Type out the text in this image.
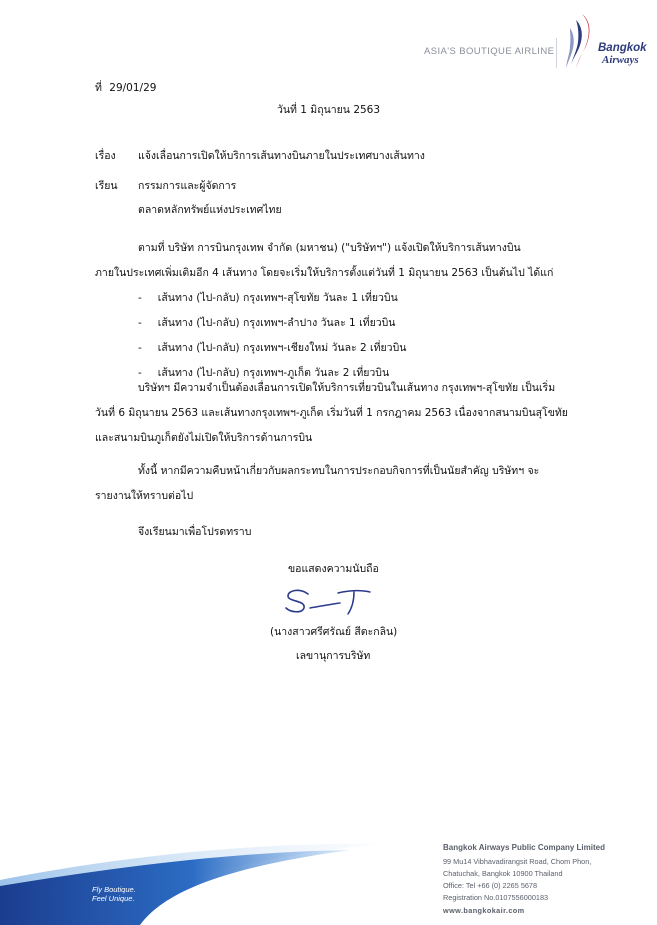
ASIA'S BOUTIQUE AIRLINE	Bangkok
Airways
ที่ 29/01/29
วันที่ 1 มิถุนายน 2563
เรื่อง แจ้งเลื่อนการเปิดให้บริการเส้นทางบินภายในประเทศบางเส้นทาง
เรียน กรรมการและผู้จัดการ
ตลาดหลักทรัพย์แห่งประเทศไทย
ตามที่ บริษัท การบินกรุงเทพ จำกัด (มหาชน) ("บริษัทฯ") แจ้งเปิดให้บริการเส้นทางบิน
ภายในประเทศเพิ่มเติมอีก 4 เส้นทาง โดยจะเริ่มให้บริการตั้งแต่วันที่ 1 มิถุนายน 2563 เป็นต้นไป ได้แก่
- เส้นทาง (ไป-กลับ) กรุงเทพฯ-สุโขทัย วันละ 1 เที่ยวบิน
- เส้นทาง (ไป-กลับ) กรุงเทพฯ-ลำปาง วันละ 1 เที่ยวบิน
- เส้นทาง (ไป-กลับ) กรุงเทพฯ-เชียงใหม่ วันละ 2 เที่ยวบิน
- เส้นทาง (ไป-กลับ) กรุงเทพฯ-ภูเก็ต วันละ 2 เที่ยวบิน
บริษัทฯ มีความจำเป็นต้องเลื่อนการเปิดให้บริการเที่ยวบินในเส้นทาง กรุงเทพฯ-สุโขทัย เป็นเริ่ม
วันที่ 6 มิถุนายน 2563 และเส้นทางกรุงเทพฯ-ภูเก็ต เริ่มวันที่ 1 กรกฎาคม 2563 เนื่องจากสนามบินสุโขทัย
และสนามบินภูเก็ตยังไม่เปิดให้บริการด้านการบิน
ทั้งนี้ หากมีความคืบหน้าเกี่ยวกับผลกระทบในการประกอบกิจการที่เป็นนัยสำคัญ บริษัทฯ จะ
รายงานให้ทราบต่อไป
จึงเรียนมาเพื่อโปรดทราบ
ขอแสดงความนับถือ
(นางสาวศรีศรัณย์ สีตะกลิน)
เลขานุการบริษัท
Fly Boutique.
Feel Unique.
Bangkok Airways Public Company Limited
99 Mu14 Vibhavadirangsit Road, Chom Phon,
Chatuchak, Bangkok 10900 Thailand
Office: Tel +66 (0) 2265 5678
Registration No.0107556000183
www.bangkokair.com
